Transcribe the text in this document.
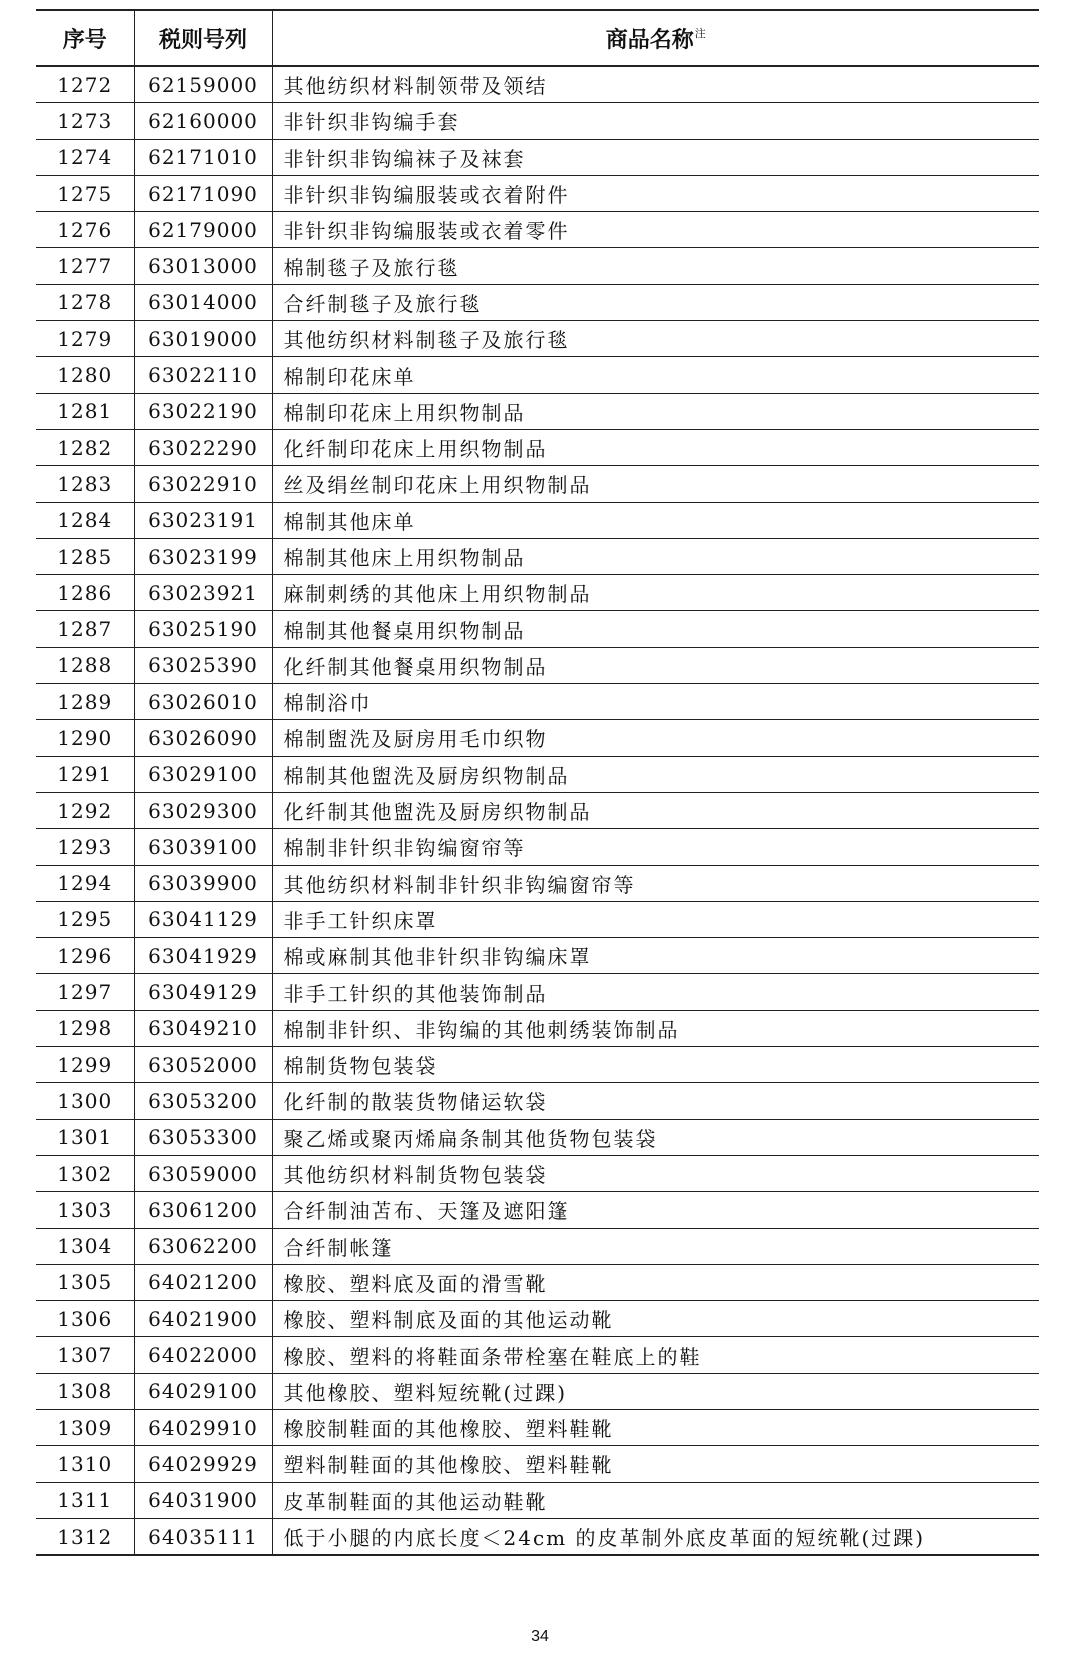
序号	税则号列	商品名称$^注$
1272	62159000	其他纺织材料制领带及领结
1273	62160000	非针织非钩编手套
1274	62171010	非针织非钩编袜子及袜套
1275	62171090	非针织非钩编服装或衣着附件
1276	62179000	非针织非钩编服装或衣着零件
1277	63013000	棉制毯子及旅行毯
1278	63014000	合纤制毯子及旅行毯
1279	63019000	其他纺织材料制毯子及旅行毯
1280	63022110	棉制印花床单
1281	63022190	棉制印花床上用织物制品
1282	63022290	化纤制印花床上用织物制品
1283	63022910	丝及绢丝制印花床上用织物制品
1284	63023191	棉制其他床单
1285	63023199	棉制其他床上用织物制品
1286	63023921	麻制刺绣的其他床上用织物制品
1287	63025190	棉制其他餐桌用织物制品
1288	63025390	化纤制其他餐桌用织物制品
1289	63026010	棉制浴巾
1290	63026090	棉制盥洗及厨房用毛巾织物
1291	63029100	棉制其他盥洗及厨房织物制品
1292	63029300	化纤制其他盥洗及厨房织物制品
1293	63039100	棉制非针织非钩编窗帘等
1294	63039900	其他纺织材料制非针织非钩编窗帘等
1295	63041129	非手工针织床罩
1296	63041929	棉或麻制其他非针织非钩编床罩
1297	63049129	非手工针织的其他装饰制品
1298	63049210	棉制非针织、非钩编的其他刺绣装饰制品
1299	63052000	棉制货物包装袋
1300	63053200	化纤制的散装货物储运软袋
1301	63053300	聚乙烯或聚丙烯扁条制其他货物包装袋
1302	63059000	其他纺织材料制货物包装袋
1303	63061200	合纤制油苫布、天篷及遮阳篷
1304	63062200	合纤制帐篷
1305	64021200	橡胶、塑料底及面的滑雪靴
1306	64021900	橡胶、塑料制底及面的其他运动靴
1307	64022000	橡胶、塑料的将鞋面条带栓塞在鞋底上的鞋
1308	64029100	其他橡胶、塑料短统靴(过踝)
1309	64029910	橡胶制鞋面的其他橡胶、塑料鞋靴
1310	64029929	塑料制鞋面的其他橡胶、塑料鞋靴
1311	64031900	皮革制鞋面的其他运动鞋靴
1312	64035111	低于小腿的内底长度＜24cm 的皮革制外底皮革面的短统靴(过踝)
34
